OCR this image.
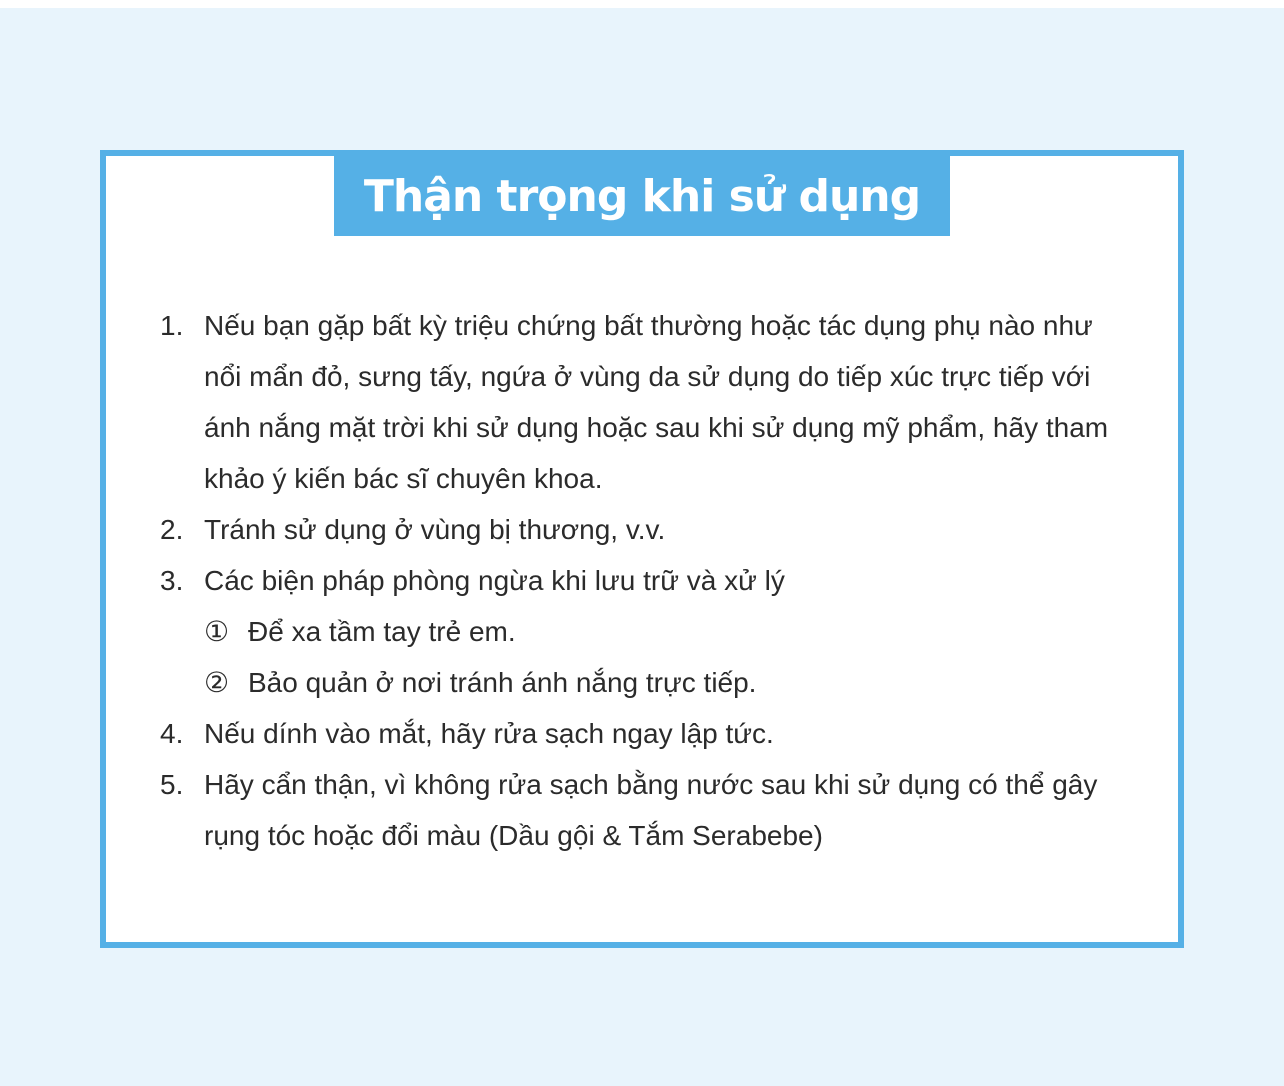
Thận trọng khi sử dụng
1. Nếu bạn gặp bất kỳ triệu chứng bất thường hoặc tác dụng phụ nào như nổi mẩn đỏ, sưng tấy, ngứa ở vùng da sử dụng do tiếp xúc trực tiếp với ánh nắng mặt trời khi sử dụng hoặc sau khi sử dụng mỹ phẩm, hãy tham khảo ý kiến bác sĩ chuyên khoa.
2. Tránh sử dụng ở vùng bị thương, v.v.
3. Các biện pháp phòng ngừa khi lưu trữ và xử lý
① Để xa tầm tay trẻ em.
② Bảo quản ở nơi tránh ánh nắng trực tiếp.
4. Nếu dính vào mắt, hãy rửa sạch ngay lập tức.
5. Hãy cẩn thận, vì không rửa sạch bằng nước sau khi sử dụng có thể gây rụng tóc hoặc đổi màu (Dầu gội & Tắm Serabebe)
